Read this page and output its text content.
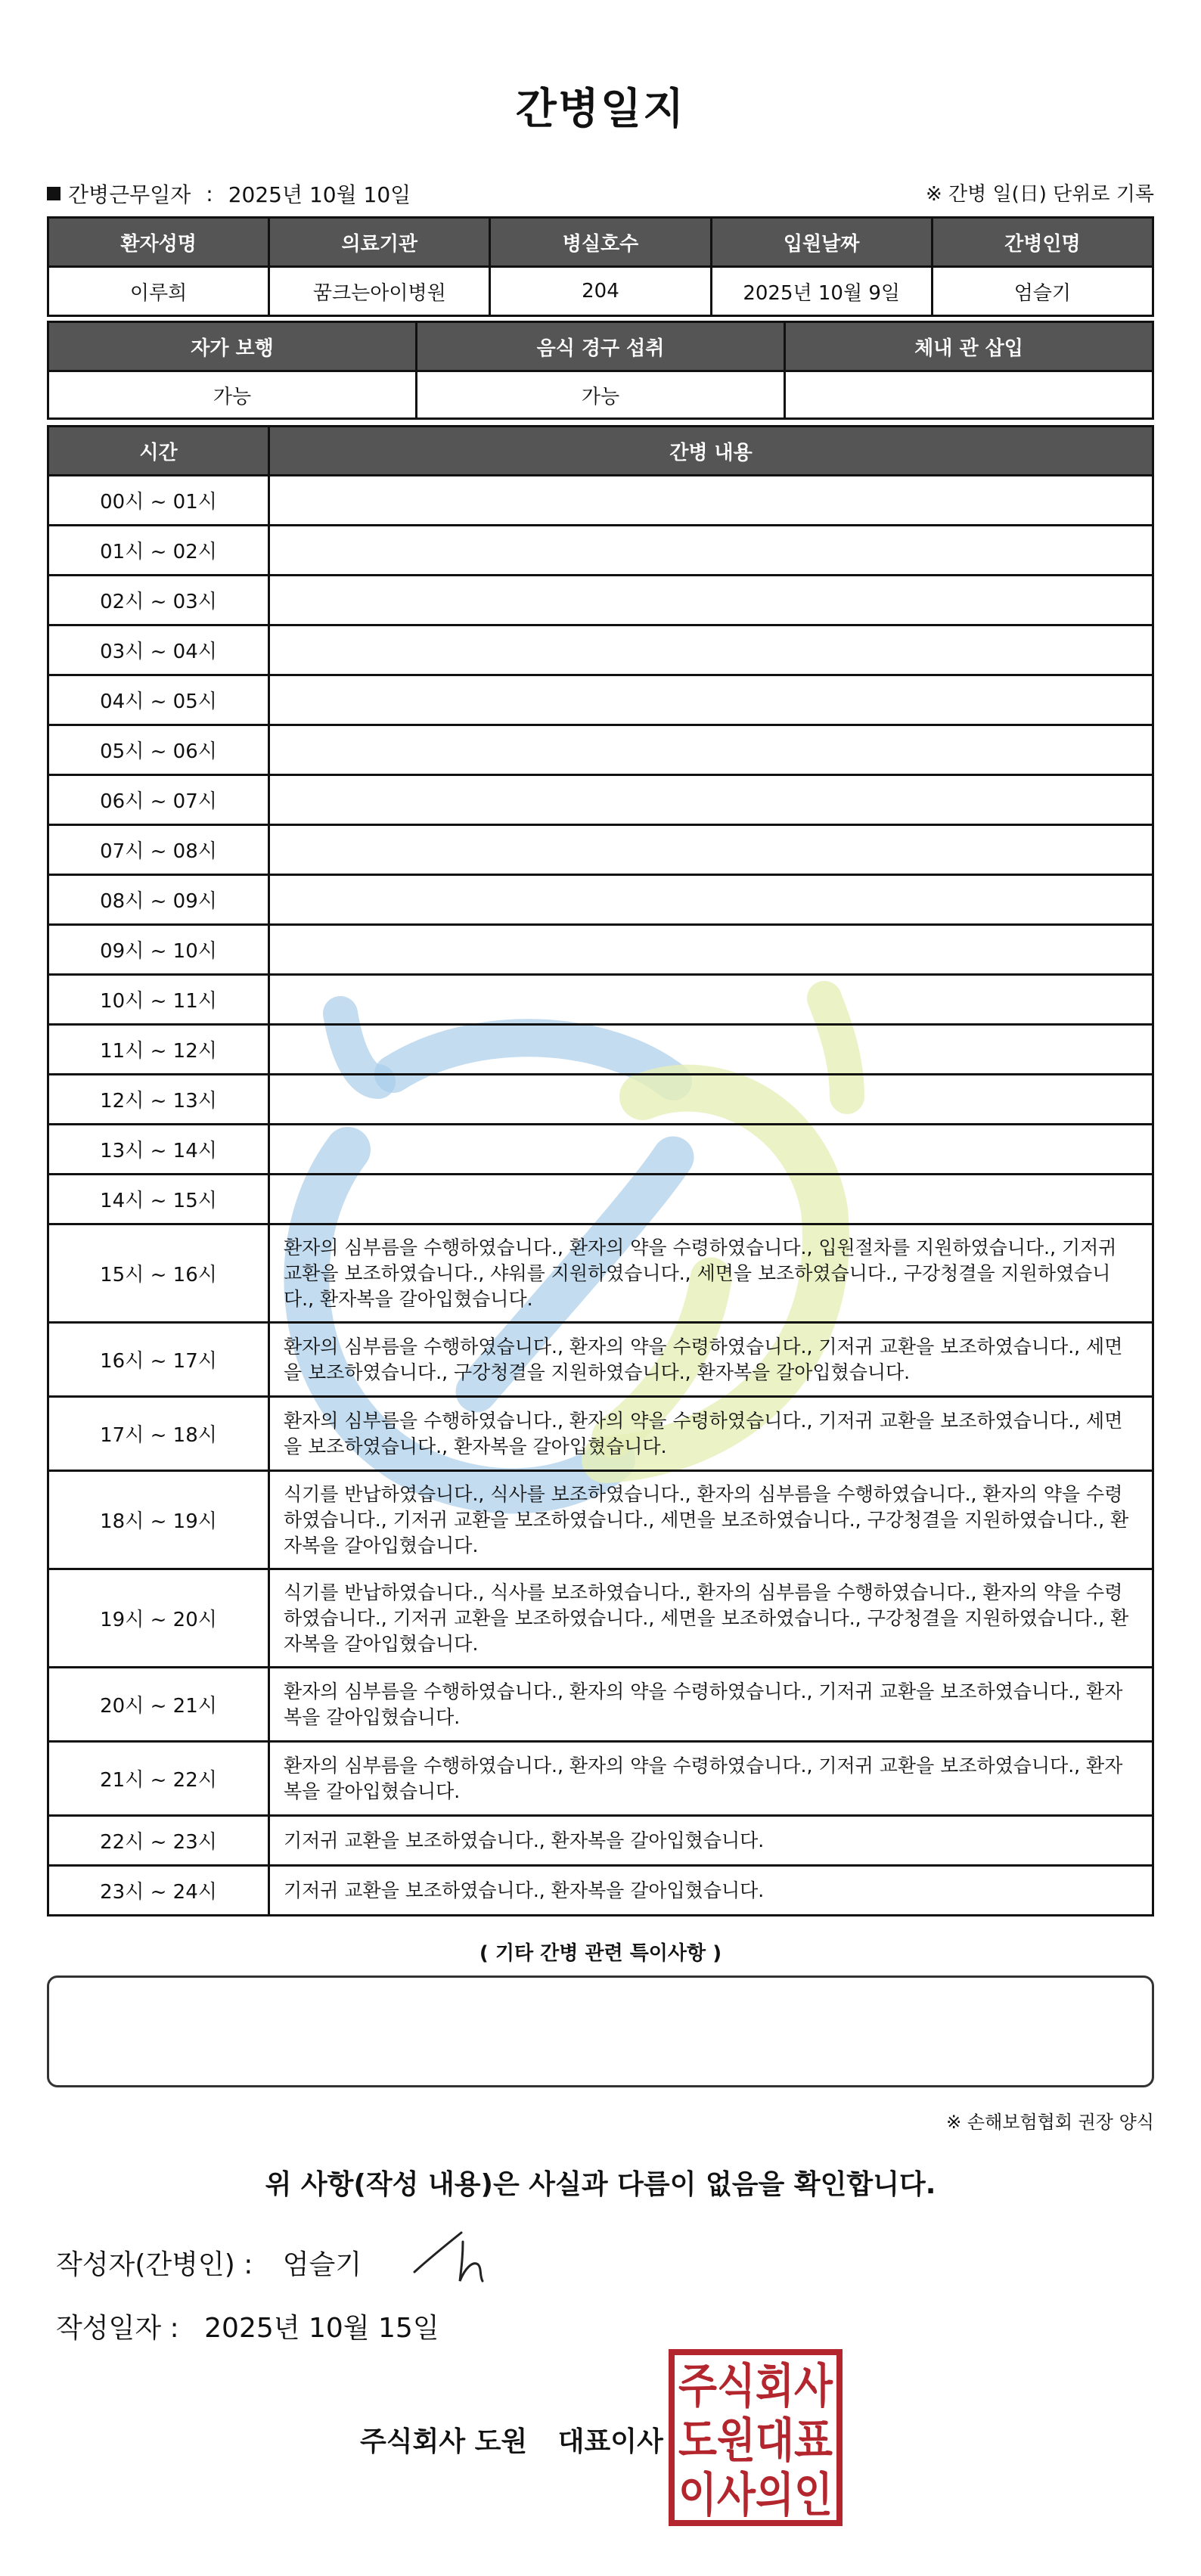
간병일지
간병근무일자 : 2025년 10월 10일	※ 간병 일(日) 단위로 기록
환자성명	의료기관	병실호수	입원날짜	간병인명
이루희	꿈크는아이병원	204	2025년 10월 9일	엄슬기
자가 보행	음식 경구 섭취	체내 관 삽입
가능	가능	
시간	간병 내용
00시 ~ 01시	
01시 ~ 02시	
02시 ~ 03시	
03시 ~ 04시	
04시 ~ 05시	
05시 ~ 06시	
06시 ~ 07시	
07시 ~ 08시	
08시 ~ 09시	
09시 ~ 10시	
10시 ~ 11시	
11시 ~ 12시	
12시 ~ 13시	
13시 ~ 14시	
14시 ~ 15시	
15시 ~ 16시	환자의 심부름을 수행하였습니다., 환자의 약을 수령하였습니다., 입원절차를 지원하였습니다., 기저귀 교환을 보조하였습니다., 샤워를 지원하였습니다., 세면을 보조하였습니다., 구강청결을 지원하였습니다., 환자복을 갈아입혔습니다.
16시 ~ 17시	환자의 심부름을 수행하였습니다., 환자의 약을 수령하였습니다., 기저귀 교환을 보조하였습니다., 세면을 보조하였습니다., 구강청결을 지원하였습니다., 환자복을 갈아입혔습니다.
17시 ~ 18시	환자의 심부름을 수행하였습니다., 환자의 약을 수령하였습니다., 기저귀 교환을 보조하였습니다., 세면을 보조하였습니다., 환자복을 갈아입혔습니다.
18시 ~ 19시	식기를 반납하였습니다., 식사를 보조하였습니다., 환자의 심부름을 수행하였습니다., 환자의 약을 수령하였습니다., 기저귀 교환을 보조하였습니다., 세면을 보조하였습니다., 구강청결을 지원하였습니다., 환자복을 갈아입혔습니다.
19시 ~ 20시	식기를 반납하였습니다., 식사를 보조하였습니다., 환자의 심부름을 수행하였습니다., 환자의 약을 수령하였습니다., 기저귀 교환을 보조하였습니다., 세면을 보조하였습니다., 구강청결을 지원하였습니다., 환자복을 갈아입혔습니다.
20시 ~ 21시	환자의 심부름을 수행하였습니다., 환자의 약을 수령하였습니다., 기저귀 교환을 보조하였습니다., 환자복을 갈아입혔습니다.
21시 ~ 22시	환자의 심부름을 수행하였습니다., 환자의 약을 수령하였습니다., 기저귀 교환을 보조하였습니다., 환자복을 갈아입혔습니다.
22시 ~ 23시	기저귀 교환을 보조하였습니다., 환자복을 갈아입혔습니다.
23시 ~ 24시	기저귀 교환을 보조하였습니다., 환자복을 갈아입혔습니다.
( 기타 간병 관련 특이사항 )
※ 손해보험협회 권장 양식
위 사항(작성 내용)은 사실과 다름이 없음을 확인합니다.
작성자(간병인) : 엄슬기
작성일자 : 2025년 10월 15일
주식회사 도원 대표이사
주식회사
도원대표
이사의인
